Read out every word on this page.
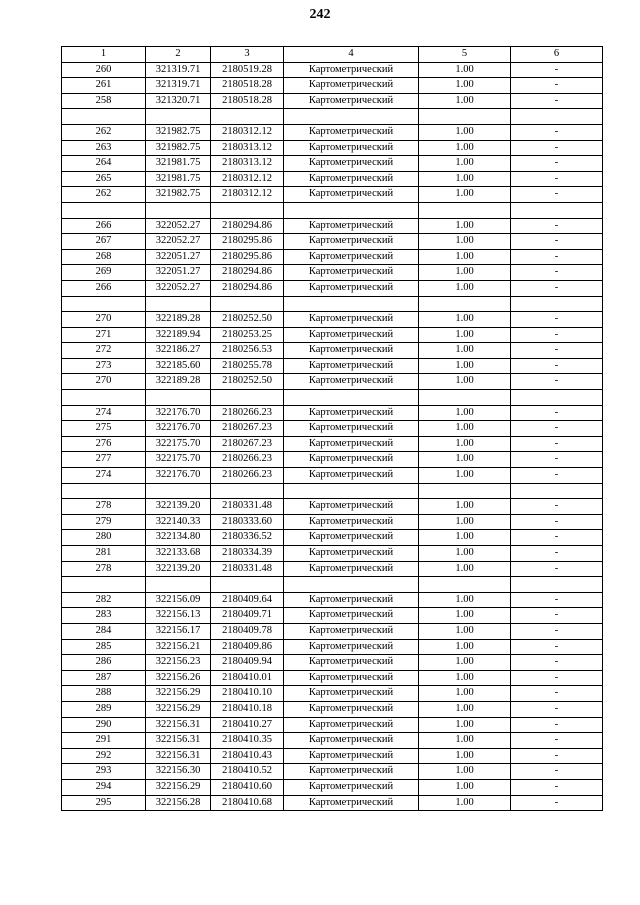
242
1	2	3	4	5	6
260	321319.71	2180519.28	Картометрический	1.00	-
261	321319.71	2180518.28	Картометрический	1.00	-
258	321320.71	2180518.28	Картометрический	1.00	-

262	321982.75	2180312.12	Картометрический	1.00	-
263	321982.75	2180313.12	Картометрический	1.00	-
264	321981.75	2180313.12	Картометрический	1.00	-
265	321981.75	2180312.12	Картометрический	1.00	-
262	321982.75	2180312.12	Картометрический	1.00	-

266	322052.27	2180294.86	Картометрический	1.00	-
267	322052.27	2180295.86	Картометрический	1.00	-
268	322051.27	2180295.86	Картометрический	1.00	-
269	322051.27	2180294.86	Картометрический	1.00	-
266	322052.27	2180294.86	Картометрический	1.00	-

270	322189.28	2180252.50	Картометрический	1.00	-
271	322189.94	2180253.25	Картометрический	1.00	-
272	322186.27	2180256.53	Картометрический	1.00	-
273	322185.60	2180255.78	Картометрический	1.00	-
270	322189.28	2180252.50	Картометрический	1.00	-

274	322176.70	2180266.23	Картометрический	1.00	-
275	322176.70	2180267.23	Картометрический	1.00	-
276	322175.70	2180267.23	Картометрический	1.00	-
277	322175.70	2180266.23	Картометрический	1.00	-
274	322176.70	2180266.23	Картометрический	1.00	-

278	322139.20	2180331.48	Картометрический	1.00	-
279	322140.33	2180333.60	Картометрический	1.00	-
280	322134.80	2180336.52	Картометрический	1.00	-
281	322133.68	2180334.39	Картометрический	1.00	-
278	322139.20	2180331.48	Картометрический	1.00	-

282	322156.09	2180409.64	Картометрический	1.00	-
283	322156.13	2180409.71	Картометрический	1.00	-
284	322156.17	2180409.78	Картометрический	1.00	-
285	322156.21	2180409.86	Картометрический	1.00	-
286	322156.23	2180409.94	Картометрический	1.00	-
287	322156.26	2180410.01	Картометрический	1.00	-
288	322156.29	2180410.10	Картометрический	1.00	-
289	322156.29	2180410.18	Картометрический	1.00	-
290	322156.31	2180410.27	Картометрический	1.00	-
291	322156.31	2180410.35	Картометрический	1.00	-
292	322156.31	2180410.43	Картометрический	1.00	-
293	322156.30	2180410.52	Картометрический	1.00	-
294	322156.29	2180410.60	Картометрический	1.00	-
295	322156.28	2180410.68	Картометрический	1.00	-
